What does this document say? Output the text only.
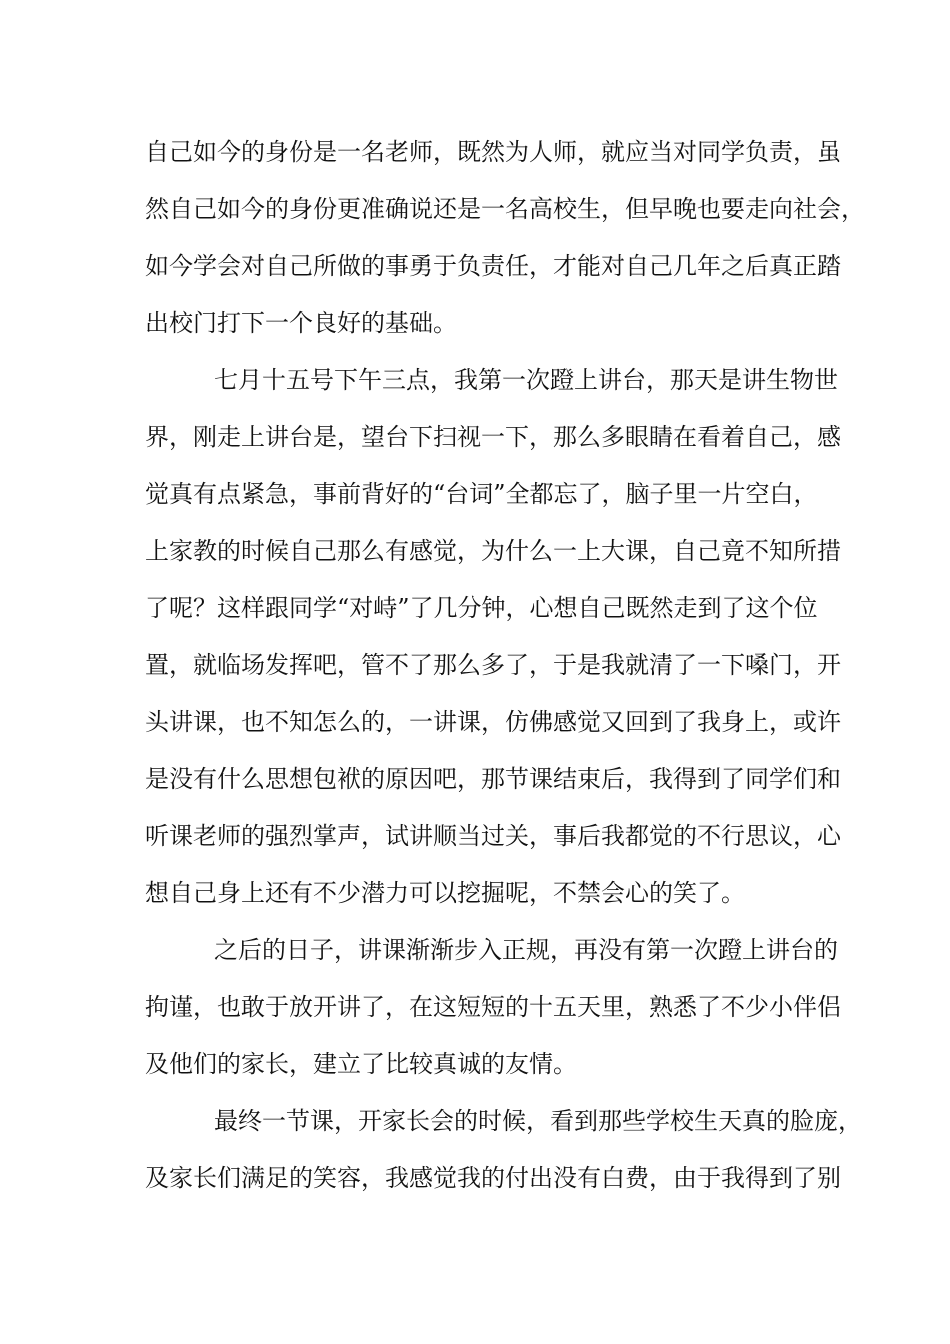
自己如今的身份是一名老师，既然为人师，就应当对同学负责，虽
然自己如今的身份更准确说还是一名高校生，但早晚也要走向社会，
如今学会对自己所做的事勇于负责任，才能对自己几年之后真正踏
出校门打下一个良好的基础。
七月十五号下午三点，我第一次蹬上讲台，那天是讲生物世
界，刚走上讲台是，望台下扫视一下，那么多眼睛在看着自己，感
觉真有点紧急，事前背好的“台词”全都忘了，脑子里一片空白，
上家教的时候自己那么有感觉，为什么一上大课，自己竟不知所措
了呢？这样跟同学“对峙”了几分钟，心想自己既然走到了这个位
置，就临场发挥吧，管不了那么多了，于是我就清了一下嗓门，开
头讲课，也不知怎么的，一讲课，仿佛感觉又回到了我身上，或许
是没有什么思想包袱的原因吧，那节课结束后，我得到了同学们和
听课老师的强烈掌声，试讲顺当过关，事后我都觉的不行思议，心
想自己身上还有不少潜力可以挖掘呢，不禁会心的笑了。
之后的日子，讲课渐渐步入正规，再没有第一次蹬上讲台的
拘谨，也敢于放开讲了，在这短短的十五天里，熟悉了不少小伴侣
及他们的家长，建立了比较真诚的友情。
最终一节课，开家长会的时候，看到那些学校生天真的脸庞，
及家长们满足的笑容，我感觉我的付出没有白费，由于我得到了别
